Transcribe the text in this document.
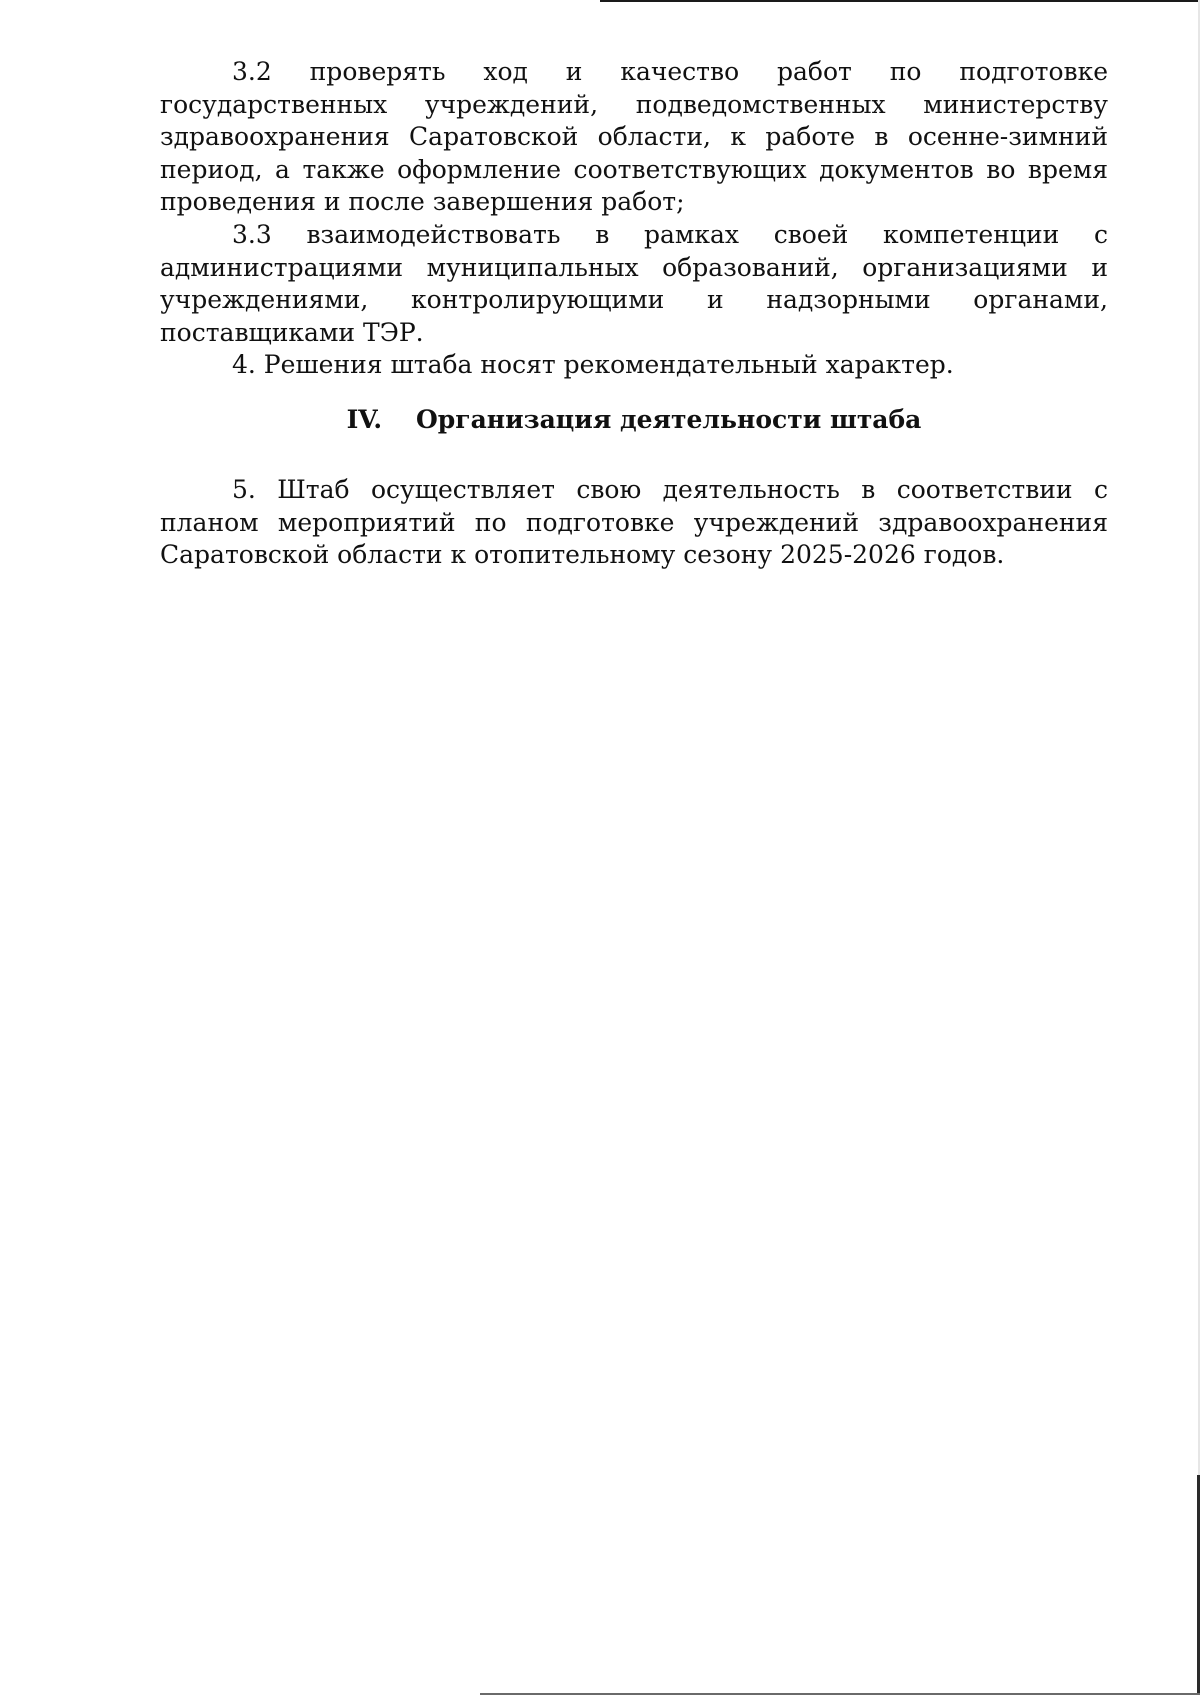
3.2 проверять ход и качество работ по подготовке государственных учреждений, подведомственных министерству здравоохранения Саратовской области, к работе в осенне-зимний период, а также оформление соответствующих документов во время проведения и после завершения работ;

3.3 взаимодействовать в рамках своей компетенции с администрациями муниципальных образований, организациями и учреждениями, контролирующими и надзорными органами, поставщиками ТЭР.

4. Решения штаба носят рекомендательный характер.

IV. Организация деятельности штаба

5. Штаб осуществляет свою деятельность в соответствии с планом мероприятий по подготовке учреждений здравоохранения Саратовской области к отопительному сезону 2025-2026 годов.
